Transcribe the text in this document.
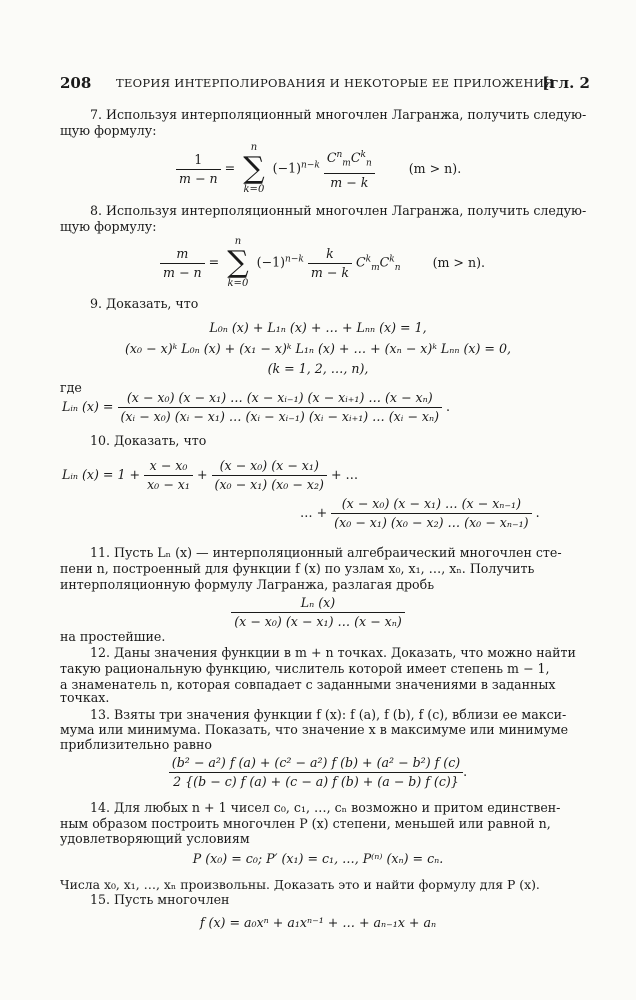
208 ТЕОРИЯ ИНТЕРПОЛИРОВАНИЯ И НЕКОТОРЫЕ ЕЕ ПРИЛОЖЕНИЯ
[гл. 2
7. Используя интерполяционный многочлен Лагранжа, получить следую-
щую формулу:
$\frac{1}{m - n}$ =
n
∑
k=0
$(-1)^{n-k}$ $C^n_mC^k_n$
m − k
(m > n).
8. Используя интерполяционный многочлен Лагранжа, получить следую-
щую формулу:
$\frac{m}{m - n}$ =
n
∑
k=0
$(-1)^{n-k} \frac{k}{m - k} C^k_mC^k_n$	(m > n).
9. Доказать, что
L₀ₙ (x) + L₁ₙ (x) + … + Lₙₙ (x) = 1,
(x₀ − x)ᵏ L₀ₙ (x) + (x₁ − x)ᵏ L₁ₙ (x) + … + (xₙ − x)ᵏ Lₙₙ (x) = 0,
(k = 1, 2, …, n),
где
Lᵢₙ $(x) = \frac{\text{(x − x₀) (x − x₁) … (x − xᵢ₋₁) (x − xᵢ₊₁) … (x − xₙ)}}{\text{(xᵢ − x₀) (xᵢ − x₁) … (xᵢ − xᵢ₋₁) (xᵢ − xᵢ₊₁) … (xᵢ − xₙ)}}$ .
10. Доказать, что
Lᵢₙ $(x) = 1 + \frac{\text{x − x₀}}{\text{x₀ − x₁}} + \frac{\text{(x − x₀) (x − x₁)}}{\text{(x₀ − x₁) (x₀ − x₂)}}$ + …
… + $\frac{\text{(x − x₀) (x − x₁) … (x − xₙ₋₁)}}{\text{(x₀ − x₁) (x₀ − x₂) … (x₀ − xₙ₋₁)}}$ .
11. Пусть Lₙ (x) — интерполяционный алгебраический многочлен сте-
пени n, построенный для функции f (x) по узлам x₀, x₁, …, xₙ. Получить
интерполяционную формулу Лагранжа, разлагая дробь
$\frac{\text{Lₙ (x)}}{\text{(x − x₀) (x − x₁) … (x − xₙ)}}$
на простейшие.
12. Даны значения функции в m + n точках. Доказать, что можно найти
такую рациональную функцию, числитель которой имеет степень m − 1,
а знаменатель n, которая совпадает с заданными значениями в заданных
точках.
13. Взяты три значения функции f (x): f (a), f (b), f (c), вблизи ее макси-
мума или минимума. Показать, что значение x в максимуме или минимуме
приблизительно равно
$\frac{\text{(b² − a²) f (a) + (c² − a²) f (b) + (a² − b²) f (c)}}{2 \{(b - c) f (a) + (c - a) f (b) + (a - b) f (c)\}}$ .
14. Для любых n + 1 чисел c₀, c₁, …, cₙ возможно и притом единствен-
ным образом построить многочлен P (x) степени, меньшей или равной n,
удовлетворяющий условиям
P (x₀) = c₀; P′ (x₁) = c₁, …, P⁽ⁿ⁾ (xₙ) = cₙ.
Числа x₀, x₁, …, xₙ произвольны. Доказать это и найти формулу для P (x).
15. Пусть многочлен
f (x) = a₀xⁿ + a₁xⁿ⁻¹ + … + aₙ₋₁x + aₙ
